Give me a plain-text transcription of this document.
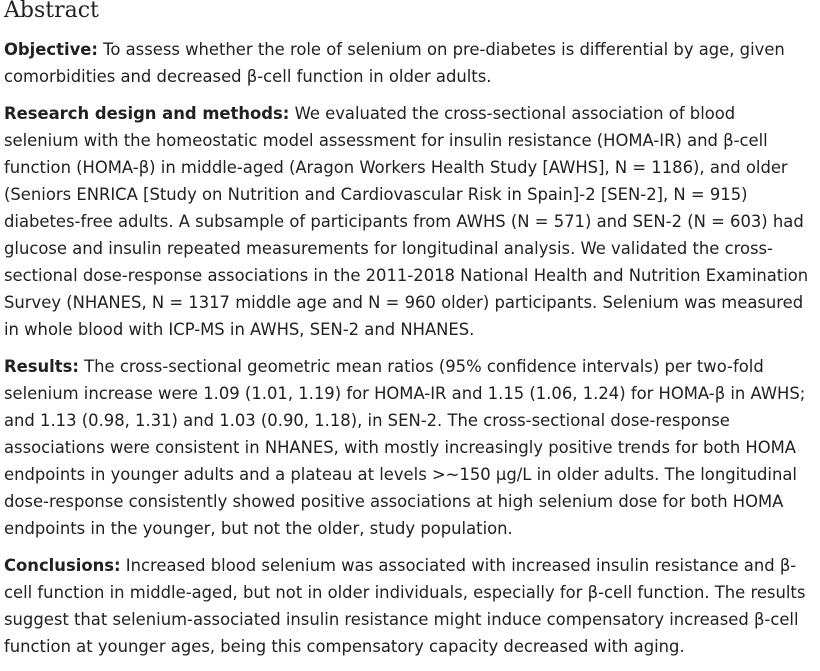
Abstract

Objective: To assess whether the role of selenium on pre-diabetes is differential by age, given comorbidities and decreased β-cell function in older adults.

Research design and methods: We evaluated the cross-sectional association of blood selenium with the homeostatic model assessment for insulin resistance (HOMA-IR) and β-cell function (HOMA-β) in middle-aged (Aragon Workers Health Study [AWHS], N = 1186), and older (Seniors ENRICA [Study on Nutrition and Cardiovascular Risk in Spain]-2 [SEN-2], N = 915) diabetes-free adults. A subsample of participants from AWHS (N = 571) and SEN-2 (N = 603) had glucose and insulin repeated measurements for longitudinal analysis. We validated the cross-sectional dose-response associations in the 2011-2018 National Health and Nutrition Examination Survey (NHANES, N = 1317 middle age and N = 960 older) participants. Selenium was measured in whole blood with ICP-MS in AWHS, SEN-2 and NHANES.

Results: The cross-sectional geometric mean ratios (95% confidence intervals) per two-fold selenium increase were 1.09 (1.01, 1.19) for HOMA-IR and 1.15 (1.06, 1.24) for HOMA-β in AWHS; and 1.13 (0.98, 1.31) and 1.03 (0.90, 1.18), in SEN-2. The cross-sectional dose-response associations were consistent in NHANES, with mostly increasingly positive trends for both HOMA endpoints in younger adults and a plateau at levels >~150 μg/L in older adults. The longitudinal dose-response consistently showed positive associations at high selenium dose for both HOMA endpoints in the younger, but not the older, study population.

Conclusions: Increased blood selenium was associated with increased insulin resistance and β-cell function in middle-aged, but not in older individuals, especially for β-cell function. The results suggest that selenium-associated insulin resistance might induce compensatory increased β-cell function at younger ages, being this compensatory capacity decreased with aging.
